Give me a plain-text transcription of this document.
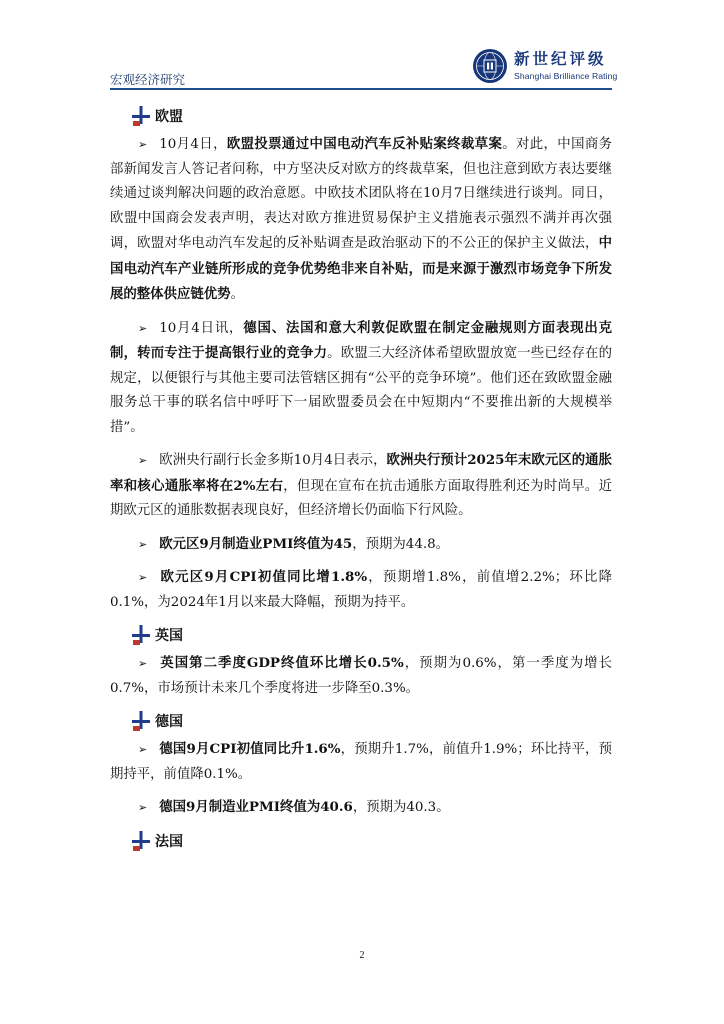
宏观经济研究
新世纪评级
Shanghai Brilliance Rating
欧盟

➢ 10月4日，欧盟投票通过中国电动汽车反补贴案终裁草案。对此，中国商务部新闻发言人答记者问称，中方坚决反对欧方的终裁草案，但也注意到欧方表达要继续通过谈判解决问题的政治意愿。中欧技术团队将在10月7日继续进行谈判。同日，欧盟中国商会发表声明，表达对欧方推进贸易保护主义措施表示强烈不满并再次强调，欧盟对华电动汽车发起的反补贴调查是政治驱动下的不公正的保护主义做法，中国电动汽车产业链所形成的竞争优势绝非来自补贴，而是来源于激烈市场竞争下所发展的整体供应链优势。

➢ 10月4日讯，德国、法国和意大利敦促欧盟在制定金融规则方面表现出克制，转而专注于提高银行业的竞争力。欧盟三大经济体希望欧盟放宽一些已经存在的规定，以便银行与其他主要司法管辖区拥有“公平的竞争环境”。他们还在致欧盟金融服务总干事的联名信中呼吁下一届欧盟委员会在中短期内“不要推出新的大规模举措”。

➢ 欧洲央行副行长金多斯10月4日表示，欧洲央行预计2025年末欧元区的通胀率和核心通胀率将在2%左右，但现在宣布在抗击通胀方面取得胜利还为时尚早。近期欧元区的通胀数据表现良好，但经济增长仍面临下行风险。

➢ 欧元区9月制造业PMI终值为45，预期为44.8。

➢ 欧元区9月CPI初值同比增1.8%，预期增1.8%，前值增2.2%；环比降0.1%，为2024年1月以来最大降幅，预期为持平。

英国

➢ 英国第二季度GDP终值环比增长0.5%，预期为0.6%，第一季度为增长0.7%，市场预计未来几个季度将进一步降至0.3%。

德国

➢ 德国9月CPI初值同比升1.6%，预期升1.7%，前值升1.9%；环比持平，预期持平，前值降0.1%。

➢ 德国9月制造业PMI终值为40.6，预期为40.3。

法国
2
